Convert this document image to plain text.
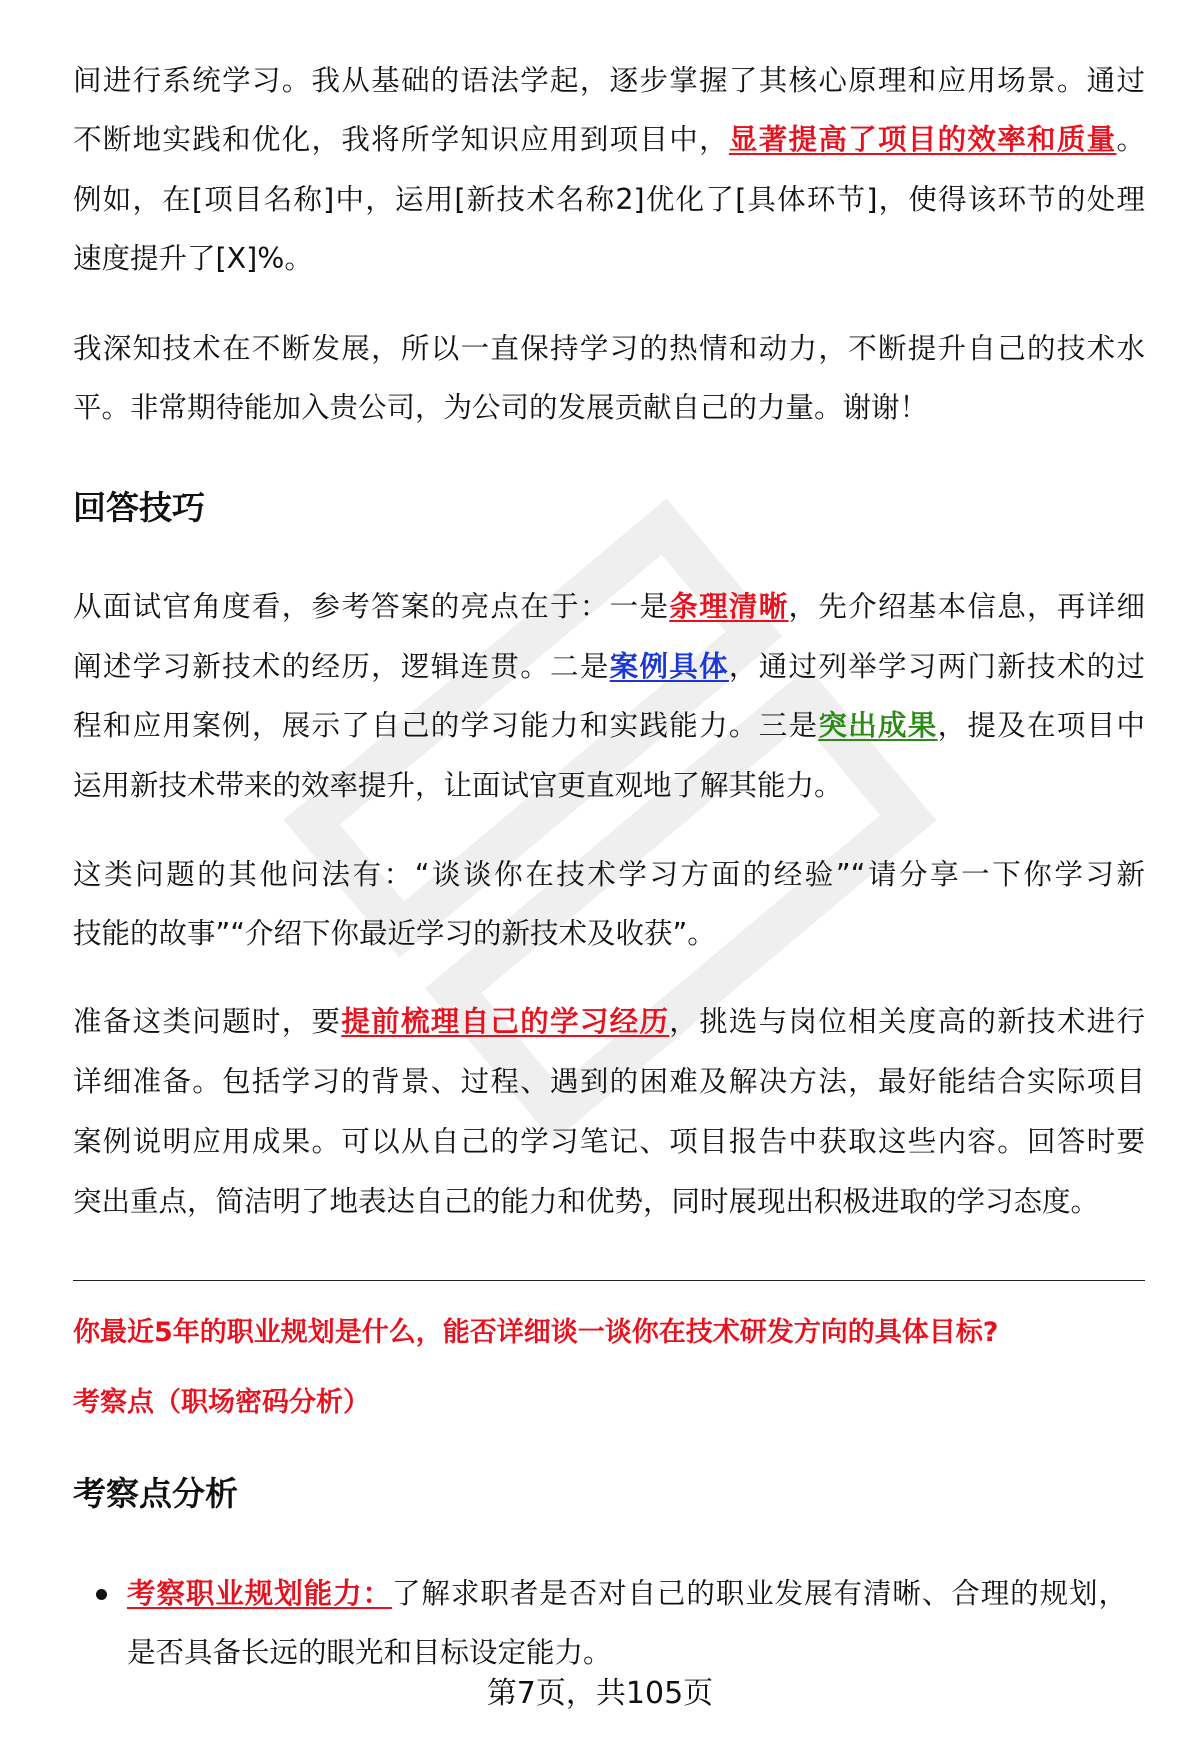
间进行系统学习。我从基础的语法学起，逐步掌握了其核心原理和应用场景。通过
不断地实践和优化，我将所学知识应用到项目中，显著提高了项目的效率和质量。
例如，在[项目名称]中，运用[新技术名称2]优化了[具体环节]，使得该环节的处理
速度提升了[X]%。
我深知技术在不断发展，所以一直保持学习的热情和动力，不断提升自己的技术水
平。非常期待能加入贵公司，为公司的发展贡献自己的力量。谢谢！
回答技巧
从面试官角度看，参考答案的亮点在于：一是条理清晰，先介绍基本信息，再详细
阐述学习新技术的经历，逻辑连贯。二是案例具体，通过列举学习两门新技术的过
程和应用案例，展示了自己的学习能力和实践能力。三是突出成果，提及在项目中
运用新技术带来的效率提升，让面试官更直观地了解其能力。
这类问题的其他问法有：“谈谈你在技术学习方面的经验”“请分享一下你学习新
技能的故事”“介绍下你最近学习的新技术及收获”。
准备这类问题时，要提前梳理自己的学习经历，挑选与岗位相关度高的新技术进行
详细准备。包括学习的背景、过程、遇到的困难及解决方法，最好能结合实际项目
案例说明应用成果。可以从自己的学习笔记、项目报告中获取这些内容。回答时要
突出重点，简洁明了地表达自己的能力和优势，同时展现出积极进取的学习态度。
你最近5年的职业规划是什么，能否详细谈一谈你在技术研发方向的具体目标?
考察点（职场密码分析）
考察点分析
考察职业规划能力：了解求职者是否对自己的职业发展有清晰、合理的规划，
是否具备长远的眼光和目标设定能力。
第7页，共105页
